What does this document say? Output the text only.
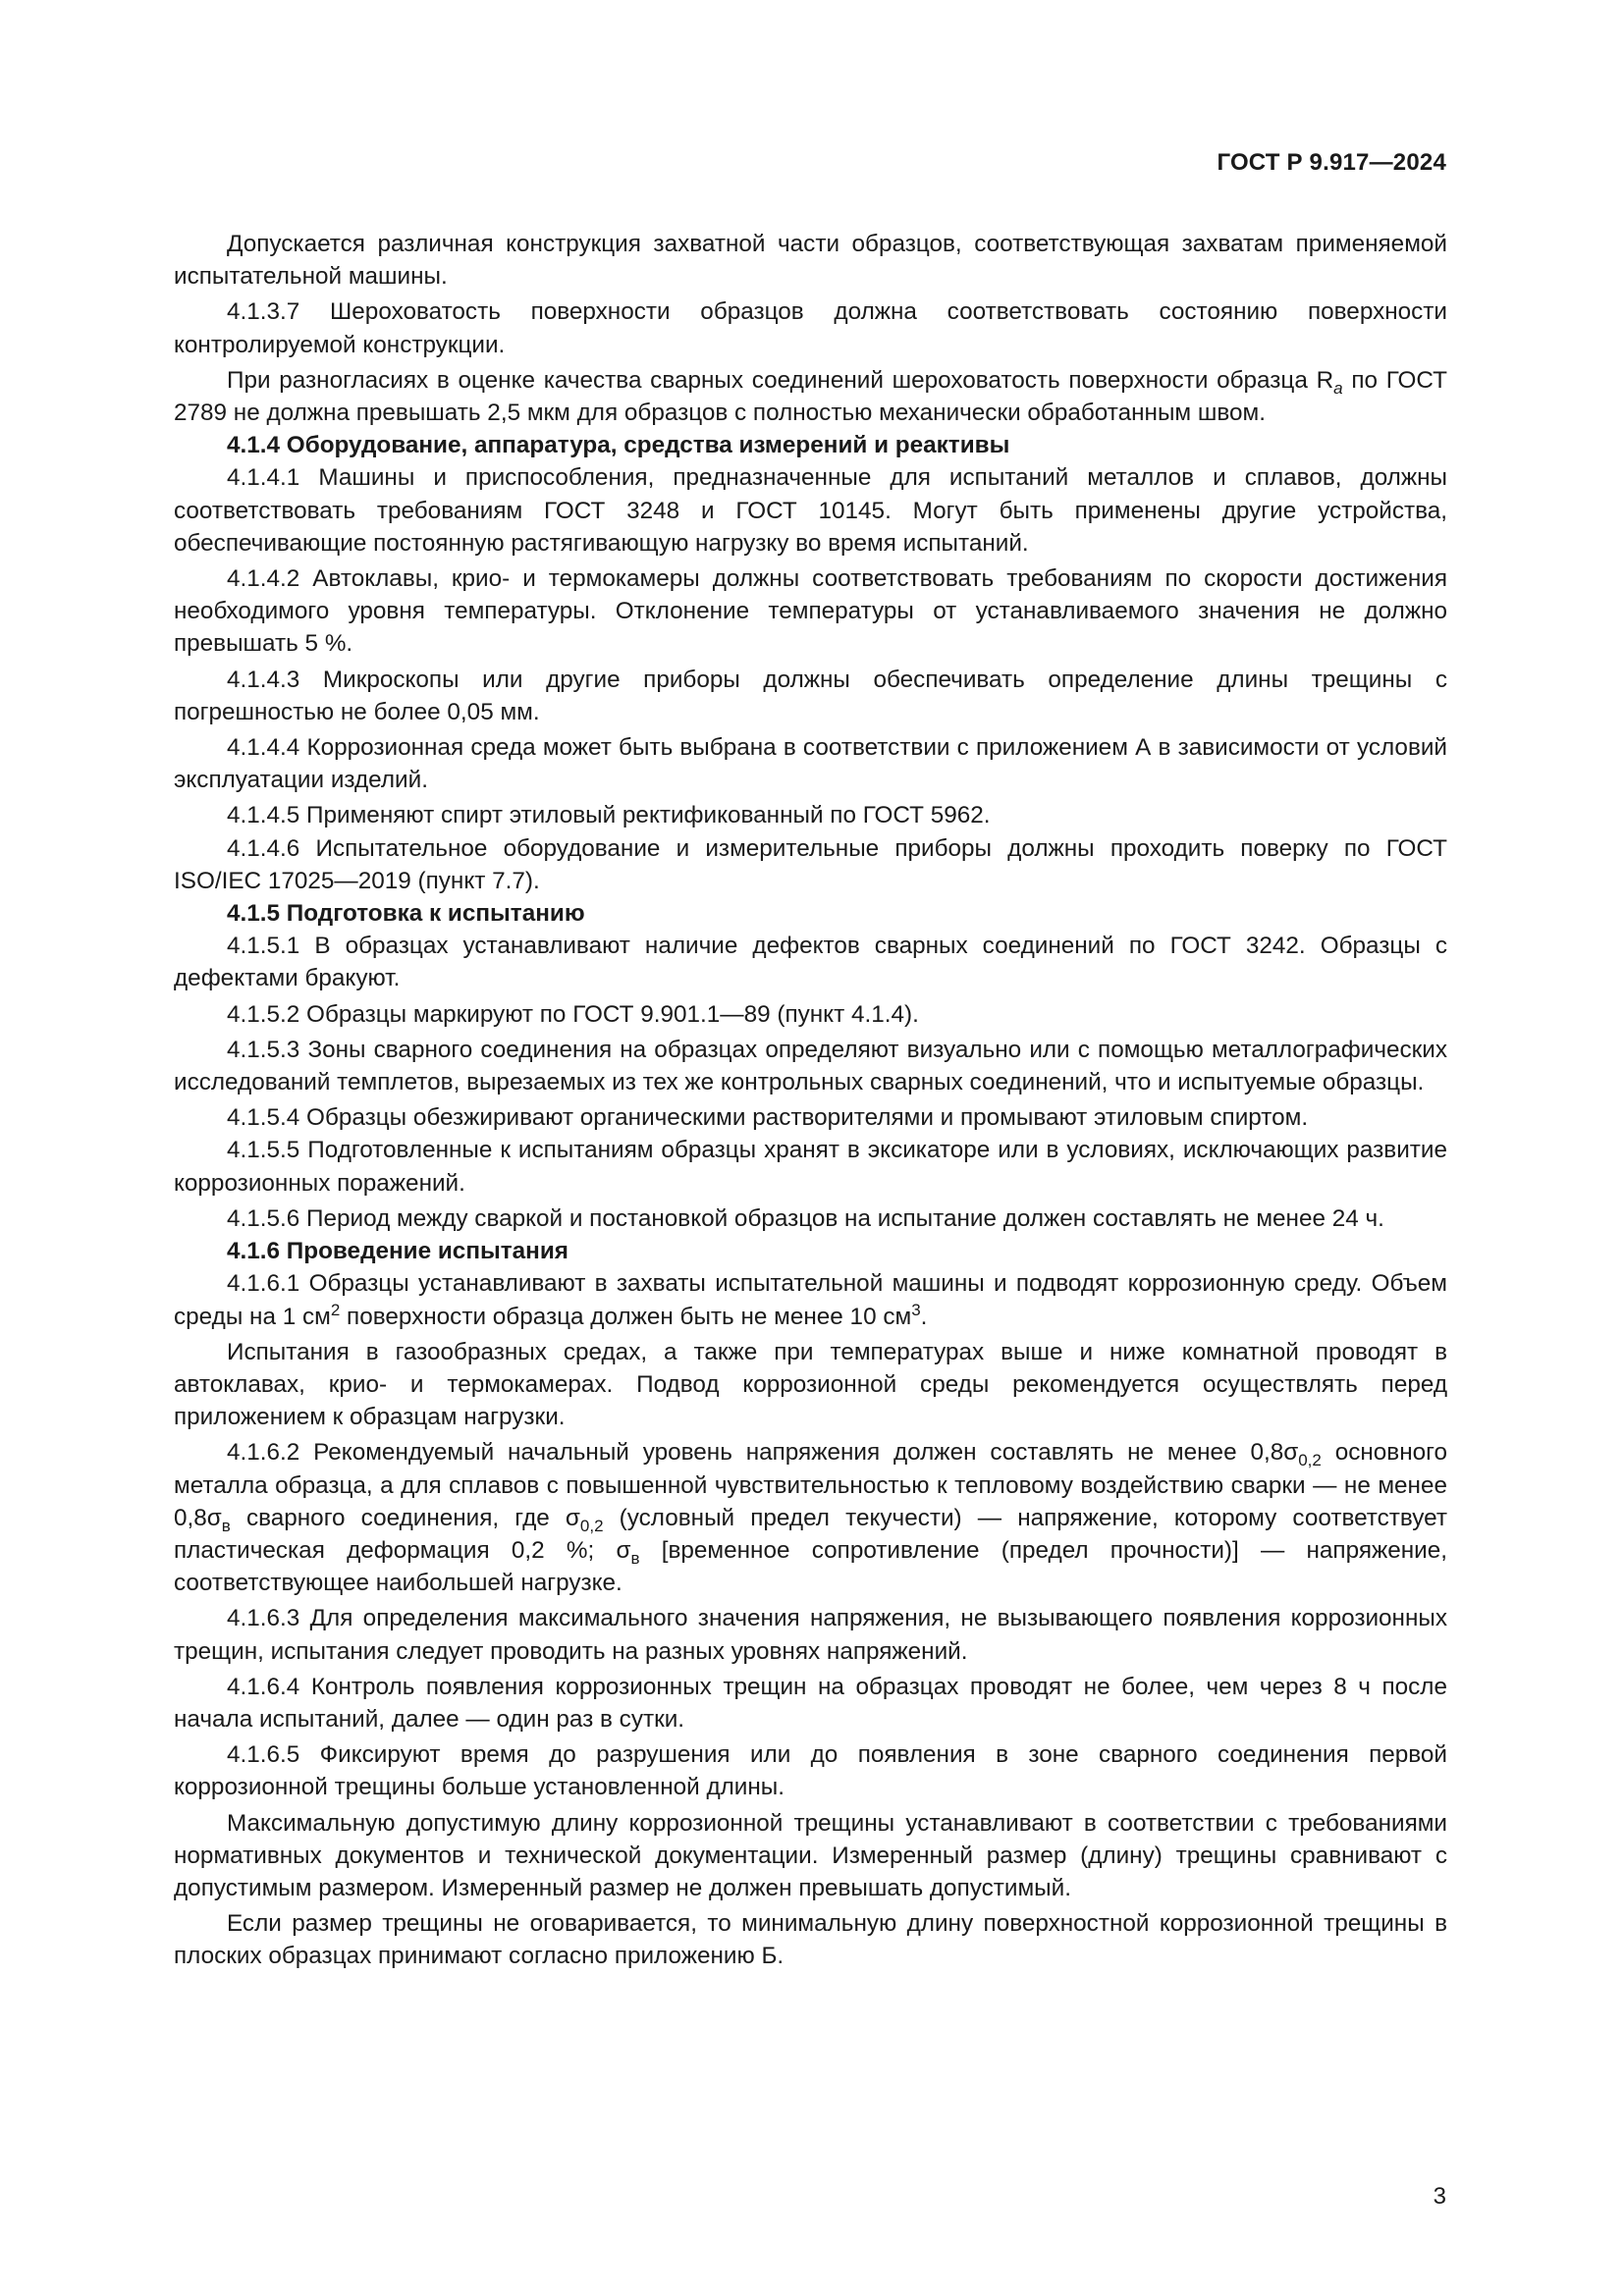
ГОСТ Р 9.917—2024

Допускается различная конструкция захватной части образцов, соответствующая захватам применяемой испытательной машины.

4.1.3.7 Шероховатость поверхности образцов должна соответствовать состоянию поверхности контролируемой конструкции.

При разногласиях в оценке качества сварных соединений шероховатость поверхности образца $R_a$ по ГОСТ 2789 не должна превышать 2,5 мкм для образцов с полностью механически обработанным швом.

4.1.4 Оборудование, аппаратура, средства измерений и реактивы

4.1.4.1 Машины и приспособления, предназначенные для испытаний металлов и сплавов, должны соответствовать требованиям ГОСТ 3248 и ГОСТ 10145. Могут быть применены другие устройства, обеспечивающие постоянную растягивающую нагрузку во время испытаний.

4.1.4.2 Автоклавы, крио- и термокамеры должны соответствовать требованиям по скорости достижения необходимого уровня температуры. Отклонение температуры от устанавливаемого значения не должно превышать 5 %.

4.1.4.3 Микроскопы или другие приборы должны обеспечивать определение длины трещины с погрешностью не более 0,05 мм.

4.1.4.4 Коррозионная среда может быть выбрана в соответствии с приложением А в зависимости от условий эксплуатации изделий.

4.1.4.5 Применяют спирт этиловый ректификованный по ГОСТ 5962.

4.1.4.6 Испытательное оборудование и измерительные приборы должны проходить поверку по ГОСТ ISO/IEC 17025—2019 (пункт 7.7).

4.1.5 Подготовка к испытанию

4.1.5.1 В образцах устанавливают наличие дефектов сварных соединений по ГОСТ 3242. Образцы с дефектами бракуют.

4.1.5.2 Образцы маркируют по ГОСТ 9.901.1—89 (пункт 4.1.4).

4.1.5.3 Зоны сварного соединения на образцах определяют визуально или с помощью металлографических исследований темплетов, вырезаемых из тех же контрольных сварных соединений, что и испытуемые образцы.

4.1.5.4 Образцы обезжиривают органическими растворителями и промывают этиловым спиртом.

4.1.5.5 Подготовленные к испытаниям образцы хранят в эксикаторе или в условиях, исключающих развитие коррозионных поражений.

4.1.5.6 Период между сваркой и постановкой образцов на испытание должен составлять не менее 24 ч.

4.1.6 Проведение испытания

4.1.6.1 Образцы устанавливают в захваты испытательной машины и подводят коррозионную среду. Объем среды на 1 $см^2$ поверхности образца должен быть не менее 10 $см^3$.

Испытания в газообразных средах, а также при температурах выше и ниже комнатной проводят в автоклавах, крио- и термокамерах. Подвод коррозионной среды рекомендуется осуществлять перед приложением к образцам нагрузки.

4.1.6.2 Рекомендуемый начальный уровень напряжения должен составлять не менее $0,8\sigma_{0,2}$ основного металла образца, а для сплавов с повышенной чувствительностью к тепловому воздействию сварки — не менее $0,8\sigma_в$ сварного соединения, где $\sigma_{0,2}$ (условный предел текучести) — напряжение, которому соответствует пластическая деформация 0,2 %; $\sigma_в$ [временное сопротивление (предел прочности)] — напряжение, соответствующее наибольшей нагрузке.

4.1.6.3 Для определения максимального значения напряжения, не вызывающего появления коррозионных трещин, испытания следует проводить на разных уровнях напряжений.

4.1.6.4 Контроль появления коррозионных трещин на образцах проводят не более, чем через 8 ч после начала испытаний, далее — один раз в сутки.

4.1.6.5 Фиксируют время до разрушения или до появления в зоне сварного соединения первой коррозионной трещины больше установленной длины.

Максимальную допустимую длину коррозионной трещины устанавливают в соответствии с требованиями нормативных документов и технической документации. Измеренный размер (длину) трещины сравнивают с допустимым размером. Измеренный размер не должен превышать допустимый.

Если размер трещины не оговаривается, то минимальную длину поверхностной коррозионной трещины в плоских образцах принимают согласно приложению Б.

3
